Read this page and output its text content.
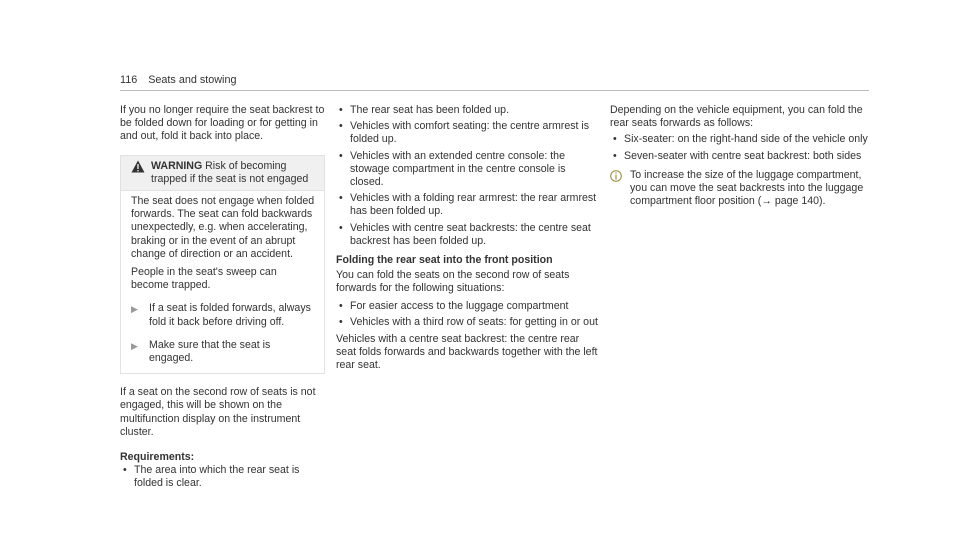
116 Seats and stowing

If you no longer require the seat backrest to be folded down for loading or for getting in and out, fold it back into place.

WARNING Risk of becoming trapped if the seat is not engaged

The seat does not engage when folded forwards. The seat can fold backwards unexpectedly, e.g. when accelerating, braking or in the event of an abrupt change of direction or an accident.

People in the seat's sweep can become trapped.

▶ If a seat is folded forwards, always fold it back before driving off.
▶ Make sure that the seat is engaged.

If a seat on the second row of seats is not engaged, this will be shown on the multifunction display on the instrument cluster.

Requirements:

• The area into which the rear seat is folded is clear.
• The rear seat has been folded up.
• Vehicles with comfort seating: the centre armrest is folded up.
• Vehicles with an extended centre console: the stowage compartment in the centre console is closed.
• Vehicles with a folding rear armrest: the rear armrest has been folded up.
• Vehicles with centre seat backrests: the centre seat backrest has been folded up.

Folding the rear seat into the front position

You can fold the seats on the second row of seats forwards for the following situations:

• For easier access to the luggage compartment
• Vehicles with a third row of seats: for getting in or out

Vehicles with a centre seat backrest: the centre rear seat folds forwards and backwards together with the left rear seat.

Depending on the vehicle equipment, you can fold the rear seats forwards as follows:

• Six-seater: on the right-hand side of the vehicle only
• Seven-seater with centre seat backrest: both sides
To increase the size of the luggage compartment, you can move the seat backrests into the luggage compartment floor position (→ page 140).
